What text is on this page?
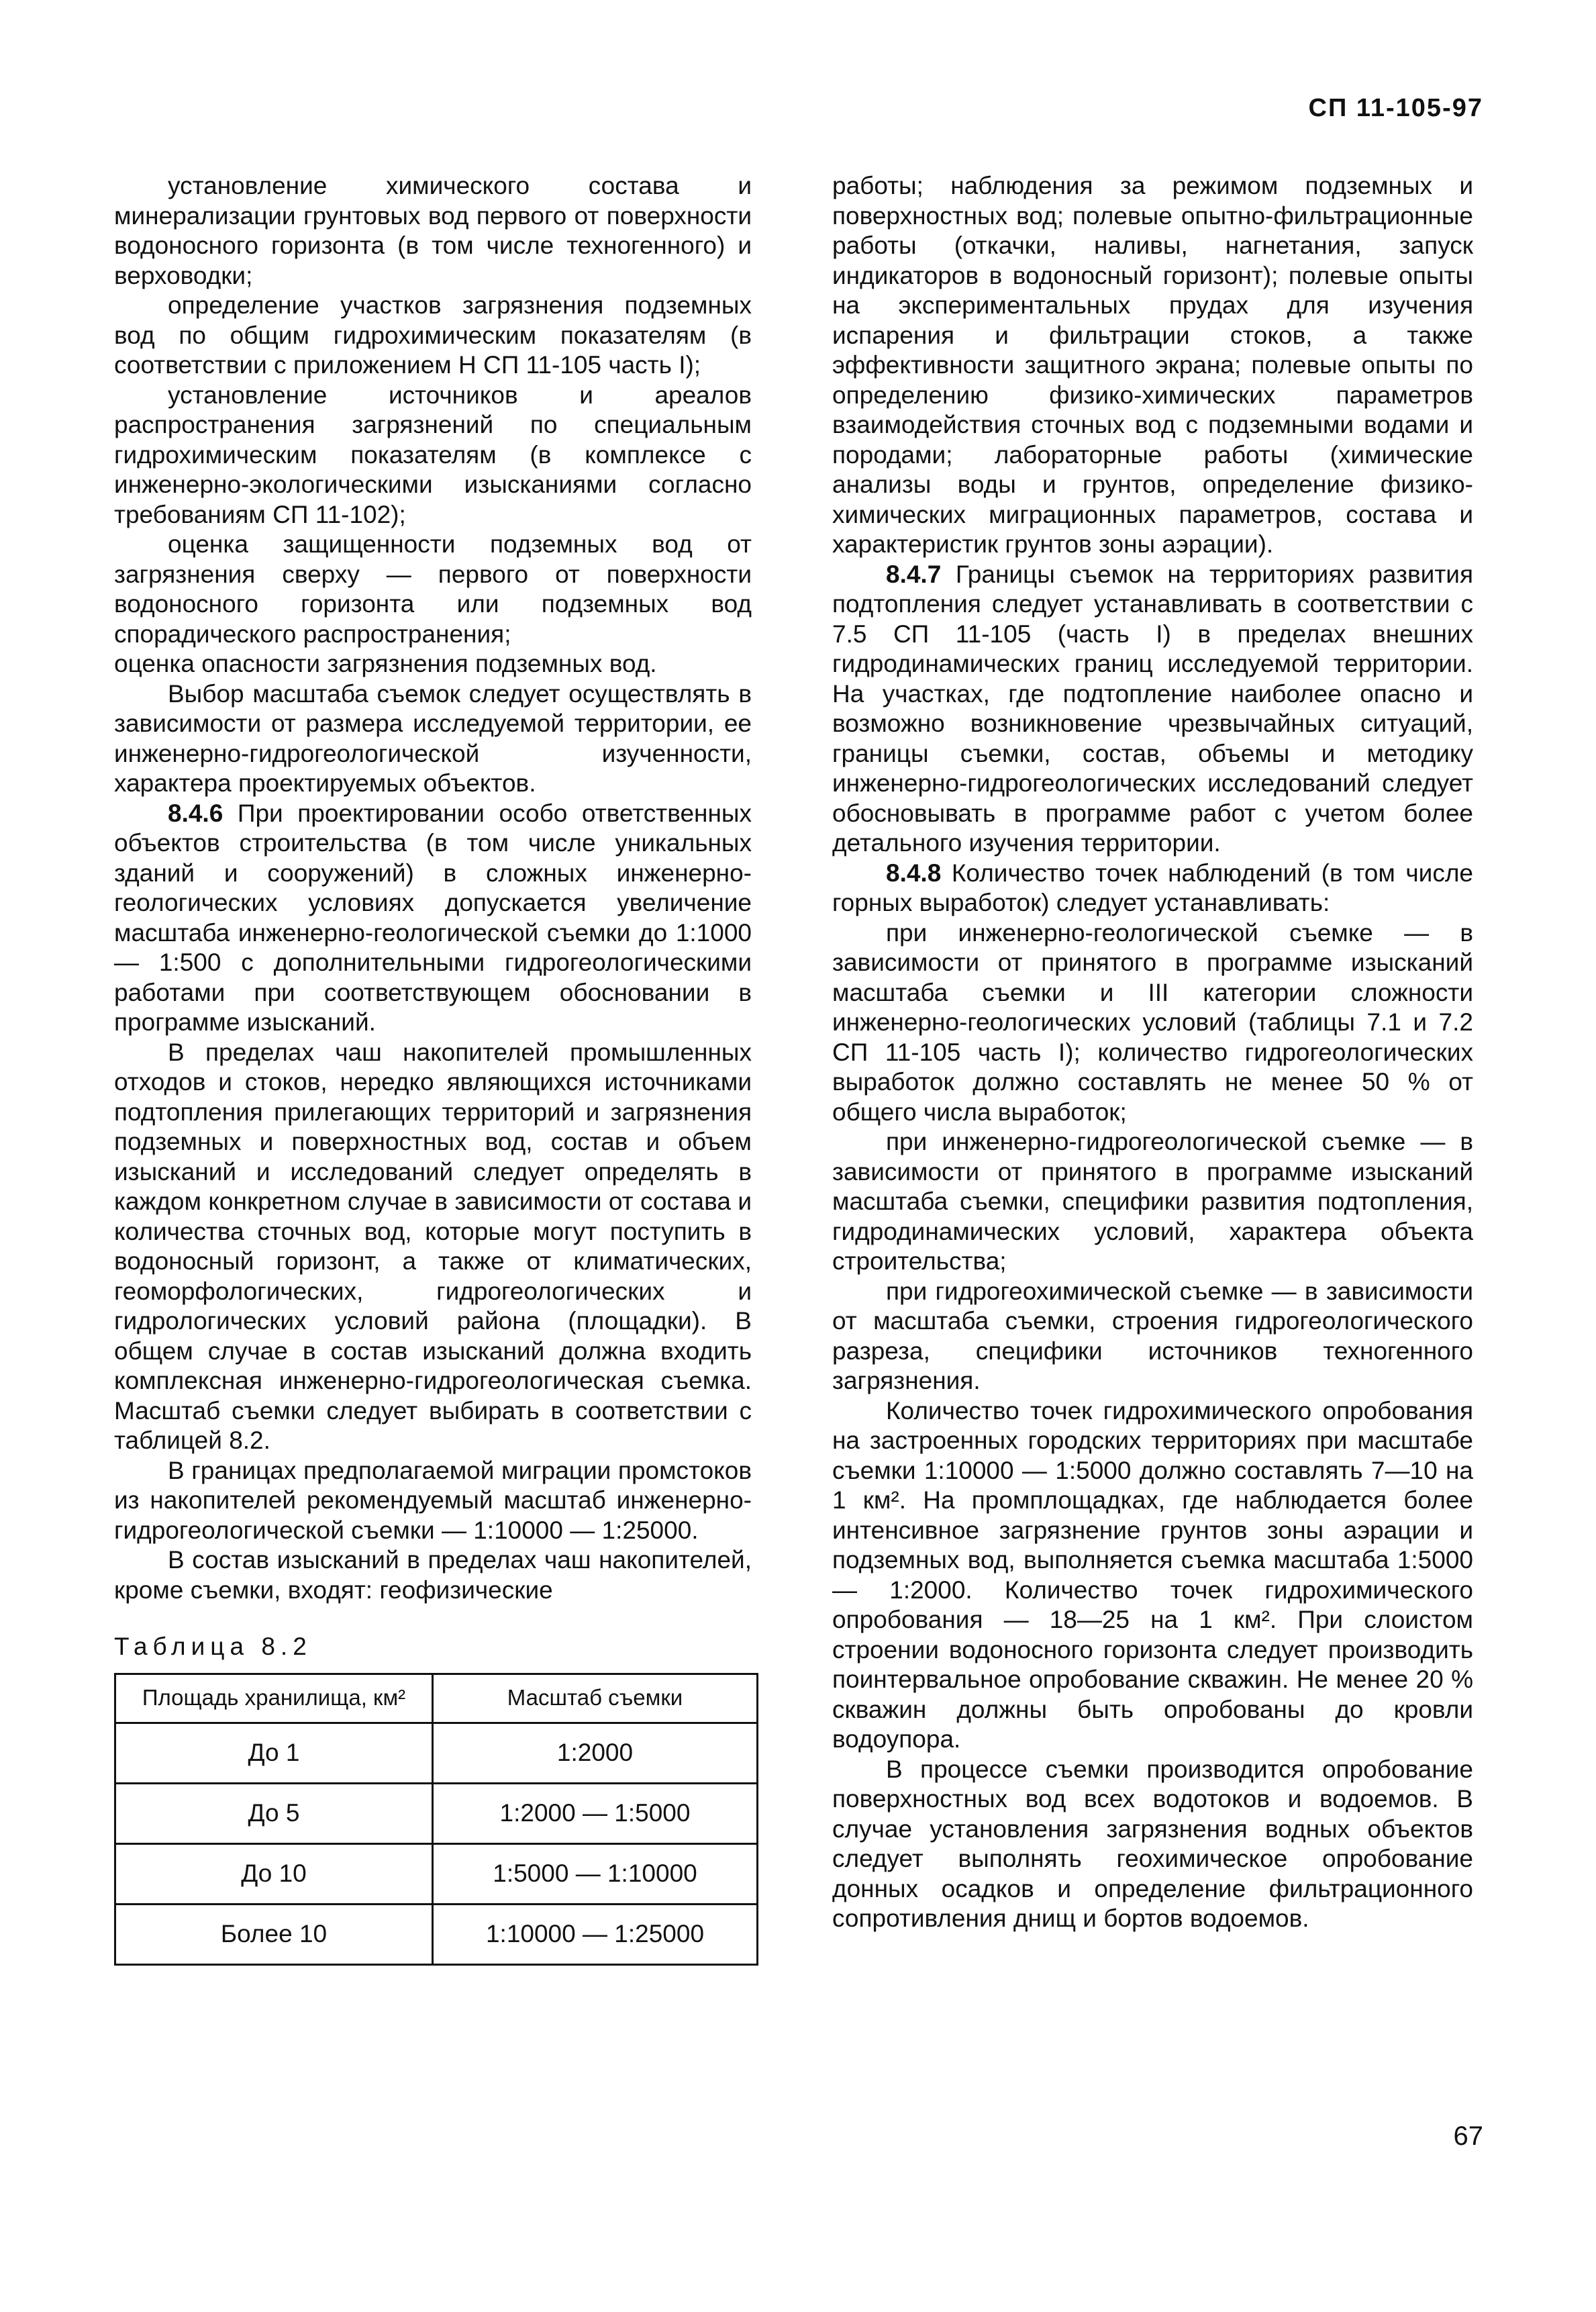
СП 11-105-97

установление химического состава и минерализации грунтовых вод первого от поверхности водоносного горизонта (в том числе техногенного) и верховодки;

определение участков загрязнения подземных вод по общим гидрохимическим показателям (в соответствии с приложением Н СП 11-105 часть I);

установление источников и ареалов распространения загрязнений по специальным гидрохимическим показателям (в комплексе с инженерно-экологическими изысканиями согласно требованиям СП 11-102);

оценка защищенности подземных вод от загрязнения сверху — первого от поверхности водоносного горизонта или подземных вод спорадического распространения;

оценка опасности загрязнения подземных вод.

Выбор масштаба съемок следует осуществлять в зависимости от размера исследуемой территории, ее инженерно-гидрогеологической изученности, характера проектируемых объектов.

8.4.6 При проектировании особо ответственных объектов строительства (в том числе уникальных зданий и сооружений) в сложных инженерно-геологических условиях допускается увеличение масштаба инженерно-геологической съемки до 1:1000 — 1:500 с дополнительными гидрогеологическими работами при соответствующем обосновании в программе изысканий.

В пределах чаш накопителей промышленных отходов и стоков, нередко являющихся источниками подтопления прилегающих территорий и загрязнения подземных и поверхностных вод, состав и объем изысканий и исследований следует определять в каждом конкретном случае в зависимости от состава и количества сточных вод, которые могут поступить в водоносный горизонт, а также от климатических, геоморфологических, гидрогеологических и гидрологических условий района (площадки). В общем случае в состав изысканий должна входить комплексная инженерно-гидрогеологическая съемка. Масштаб съемки следует выбирать в соответствии с таблицей 8.2.

В границах предполагаемой миграции промстоков из накопителей рекомендуемый масштаб инженерно-гидрогеологической съемки — 1:10000 — 1:25000.

В состав изысканий в пределах чаш накопителей, кроме съемки, входят: геофизические

Таблица 8.2
Площадь хранилища, км²	Масштаб съемки
До 1	1:2000
До 5	1:2000 — 1:5000
До 10	1:5000 — 1:10000
Более 10	1:10000 — 1:25000

работы; наблюдения за режимом подземных и поверхностных вод; полевые опытно-фильтрационные работы (откачки, наливы, нагнетания, запуск индикаторов в водоносный горизонт); полевые опыты на экспериментальных прудах для изучения испарения и фильтрации стоков, а также эффективности защитного экрана; полевые опыты по определению физико-химических параметров взаимодействия сточных вод с подземными водами и породами; лабораторные работы (химические анализы воды и грунтов, определение физико-химических миграционных параметров, состава и характеристик грунтов зоны аэрации).

8.4.7 Границы съемок на территориях развития подтопления следует устанавливать в соответствии с 7.5 СП 11-105 (часть I) в пределах внешних гидродинамических границ исследуемой территории. На участках, где подтопление наиболее опасно и возможно возникновение чрезвычайных ситуаций, границы съемки, состав, объемы и методику инженерно-гидрогеологических исследований следует обосновывать в программе работ с учетом более детального изучения территории.

8.4.8 Количество точек наблюдений (в том числе горных выработок) следует устанавливать:

при инженерно-геологической съемке — в зависимости от принятого в программе изысканий масштаба съемки и III категории сложности инженерно-геологических условий (таблицы 7.1 и 7.2 СП 11-105 часть I); количество гидрогеологических выработок должно составлять не менее 50 % от общего числа выработок;

при инженерно-гидрогеологической съемке — в зависимости от принятого в программе изысканий масштаба съемки, специфики развития подтопления, гидродинамических условий, характера объекта строительства;

при гидрогеохимической съемке — в зависимости от масштаба съемки, строения гидрогеологического разреза, специфики источников техногенного загрязнения.

Количество точек гидрохимического опробования на застроенных городских территориях при масштабе съемки 1:10000 — 1:5000 должно составлять 7—10 на 1 км². На промплощадках, где наблюдается более интенсивное загрязнение грунтов зоны аэрации и подземных вод, выполняется съемка масштаба 1:5000 — 1:2000. Количество точек гидрохимического опробования — 18—25 на 1 км². При слоистом строении водоносного горизонта следует производить поинтервальное опробование скважин. Не менее 20 % скважин должны быть опробованы до кровли водоупора.

В процессе съемки производится опробование поверхностных вод всех водотоков и водоемов. В случае установления загрязнения водных объектов следует выполнять геохимическое опробование донных осадков и определение фильтрационного сопротивления днищ и бортов водоемов.

67
